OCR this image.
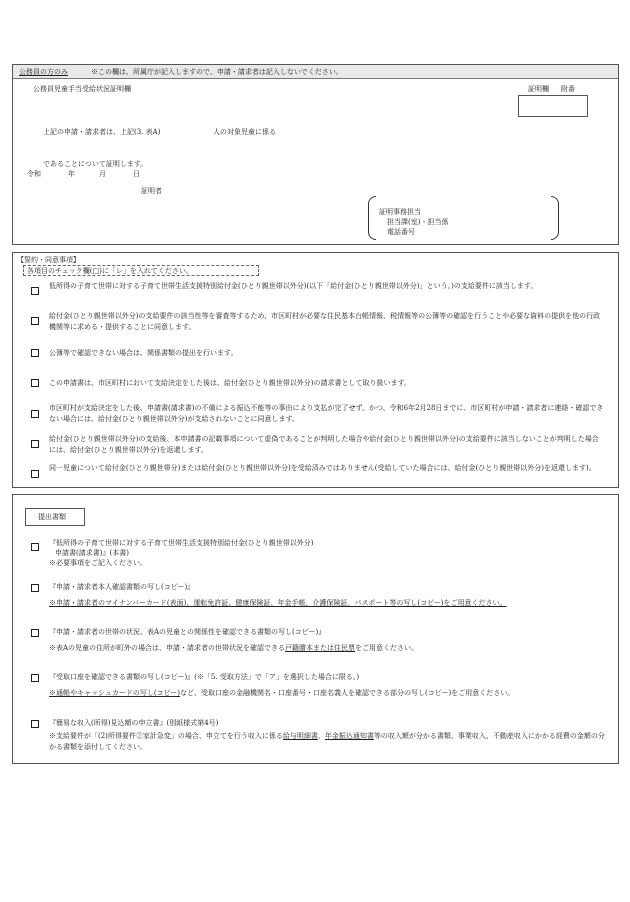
公務員の方のみ	※この欄は、所属庁が記入しますので、申請・請求者は記入しないでください。
公務員児童手当受給状況証明欄	証明欄 附番
上記の申請・請求者は、上記(3. 表A)	人の対象児童に係る
であることについて証明します。
令和	年	月	日
証明者
証明事務担当
担当課(室)・担当係
電話番号
【誓約・同意事項】
各項目のチェック欄(□)に「レ」を入れてください。
低所得の子育て世帯に対する子育て世帯生活支援特別給付金(ひとり親世帯以外分)(以下「給付金(ひとり親世帯以外分)」という。)の支給要件に該当します。
給付金(ひとり親世帯以外分)の支給要件の該当性等を審査等するため、市区町村が必要な住民基本台帳情報、税情報等の公簿等の確認を行うことや必要な資料の提供を他の行政機関等に求める・提供することに同意します。
公簿等で確認できない場合は、関係書類の提出を行います。
この申請書は、市区町村において支給決定をした後は、給付金(ひとり親世帯以外分)の請求書として取り扱います。
市区町村が支給決定をした後、申請書(請求書)の不備による振込不能等の事由により支払が完了せず、かつ、令和6年2月28日までに、市区町村が申請・請求者に連絡・確認できない場合には、給付金(ひとり親世帯以外分)が支給されないことに同意します。
給付金(ひとり親世帯以外分)の支給後、本申請書の記載事項について虚偽であることが判明した場合や給付金(ひとり親世帯以外分)の支給要件に該当しないことが判明した場合には、給付金(ひとり親世帯以外分)を返還します。
同一児童について給付金(ひとり親世帯分)または給付金(ひとり親世帯以外分)を受給済みではありません(受給していた場合には、給付金(ひとり親世帯以外分)を返還します)。
提出書類
『低所得の子育て世帯に対する子育て世帯生活支援特別給付金(ひとり親世帯以外分)
申請書(請求書)』(本書)
※必要事項をご記入ください。
『申請・請求者本人確認書類の写し(コピー)』
※申請・請求者のマイナンバーカード(表面)、運転免許証、健康保険証、年金手帳、介護保険証、パスポート等の写し(コピー)をご用意ください。
『申請・請求者の世帯の状況、表Aの児童との関係性を確認できる書類の写し(コピー)』
※表Aの児童の住所が町外の場合は、申請・請求者の世帯状況を確認できる戸籍謄本または住民票をご用意ください。
『受取口座を確認できる書類の写し(コピー)』(※「5. 受取方法」で「ア」を選択した場合に限る。)
※通帳やキャッシュカードの写し(コピー)など、受取口座の金融機関名・口座番号・口座名義人を確認できる部分の写し(コピー)をご用意ください。
『簡易な収入(所得)見込額の申立書』(別紙様式第4号)
※支給要件が「(2)所得要件②家計急変」の場合、申立てを行う収入に係る給与明細書、年金振込通知書等の収入額が分かる書類、事業収入、不動産収入にかかる経費の金額の分かる書類を添付してください。
